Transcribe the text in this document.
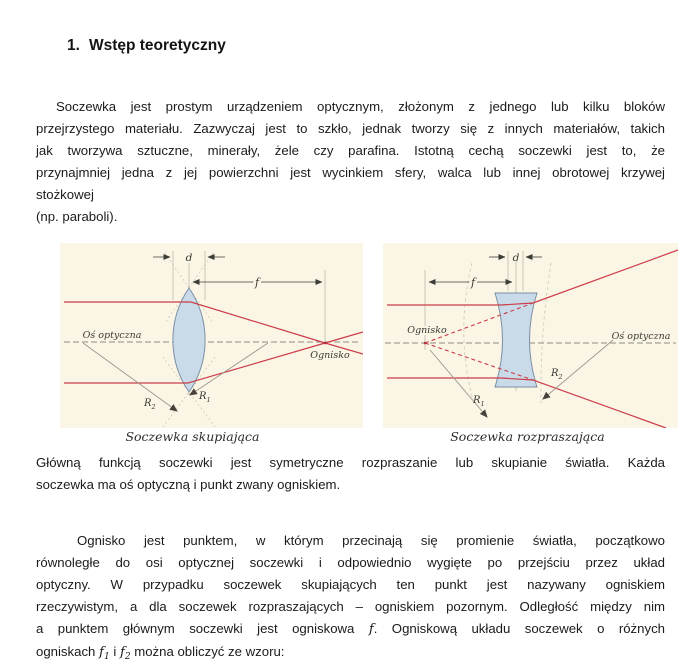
1. Wstęp teoretyczny
Soczewka jest prostym urządzeniem optycznym, złożonym z jednego lub kilku bloków
przejrzystego materiału. Zazwyczaj jest to szkło, jednak tworzy się z innych materiałów, takich
jak tworzywa sztuczne, minerały, żele czy parafina. Istotną cechą soczewki jest to, że
przynajmniej jedna z jej powierzchni jest wycinkiem sfery, walca lub innej obrotowej krzywej
stożkowej
(np. paraboli).
d
f
Oś optyczna
Ognisko
$R_2$
$R_1$
d
f
Ognisko
Oś optyczna
$R_1$
$R_2$
Soczewka skupiająca	Soczewka rozpraszająca
Główną funkcją soczewki jest symetryczne rozpraszanie lub skupianie światła. Każda
soczewka ma oś optyczną i punkt zwany ogniskiem.
Ognisko jest punktem, w którym przecinają się promienie światła, początkowo
równoległe do osi optycznej soczewki i odpowiednio wygięte po przejściu przez układ
optyczny. W przypadku soczewek skupiających ten punkt jest nazywany ogniskiem
rzeczywistym, a dla soczewek rozpraszających – ogniskiem pozornym. Odległość między nim
a punktem głównym soczewki jest ogniskowa f. Ogniskową układu soczewek o różnych
ogniskach $f_1$ i $f_2$ można obliczyć ze wzoru:
